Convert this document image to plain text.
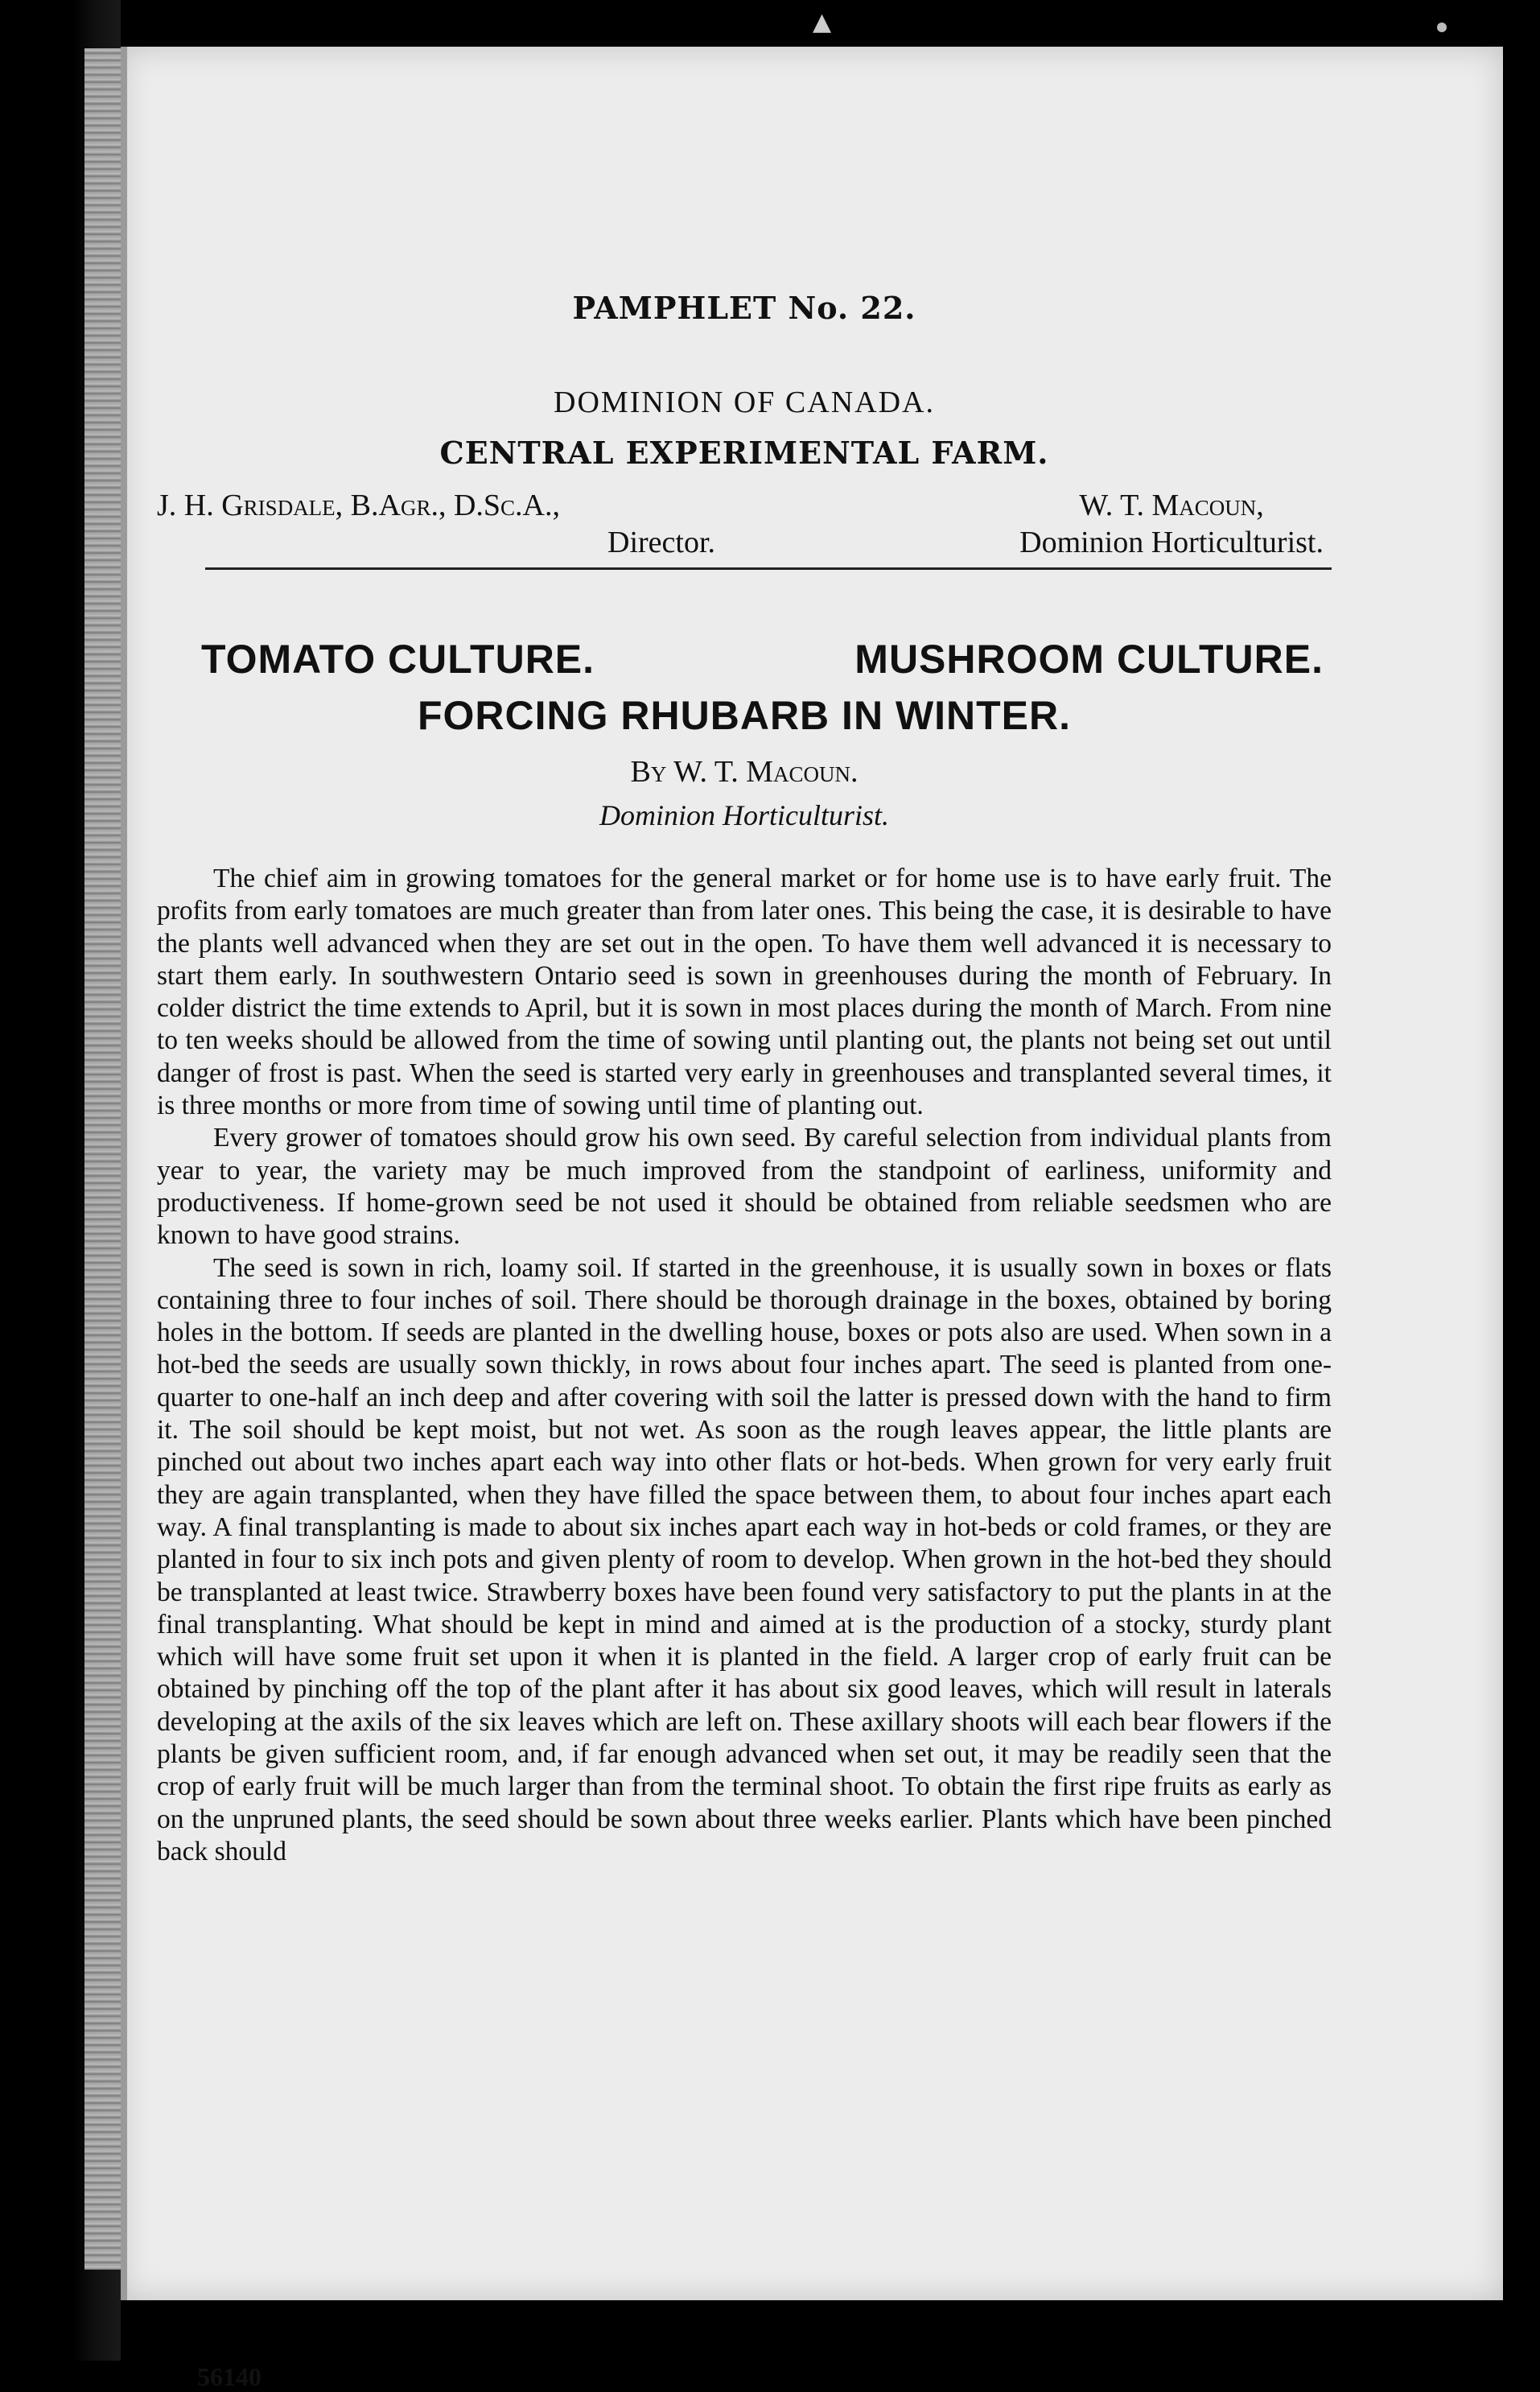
▲
PAMPHLET No. 22.
DOMINION OF CANADA.
CENTRAL EXPERIMENTAL FARM.
J. H. Grisdale, B.Agr., D.Sc.A.,
Director.
W. T. Macoun,
Dominion Horticulturist.
TOMATO CULTURE.	MUSHROOM CULTURE.
FORCING RHUBARB IN WINTER.
By W. T. Macoun.
Dominion Horticulturist.

The chief aim in growing tomatoes for the general market or for home use is to have early fruit. The profits from early tomatoes are much greater than from later ones. This being the case, it is desirable to have the plants well advanced when they are set out in the open. To have them well advanced it is necessary to start them early. In southwestern Ontario seed is sown in greenhouses during the month of February. In colder district the time extends to April, but it is sown in most places during the month of March. From nine to ten weeks should be allowed from the time of sowing until planting out, the plants not being set out until danger of frost is past. When the seed is started very early in greenhouses and transplanted several times, it is three months or more from time of sowing until time of planting out.

Every grower of tomatoes should grow his own seed. By careful selection from individual plants from year to year, the variety may be much improved from the standpoint of earliness, uniformity and productiveness. If home-grown seed be not used it should be obtained from reliable seedsmen who are known to have good strains.

The seed is sown in rich, loamy soil. If started in the greenhouse, it is usually sown in boxes or flats containing three to four inches of soil. There should be thorough drainage in the boxes, obtained by boring holes in the bottom. If seeds are planted in the dwelling house, boxes or pots also are used. When sown in a hot-bed the seeds are usually sown thickly, in rows about four inches apart. The seed is planted from one-quarter to one-half an inch deep and after covering with soil the latter is pressed down with the hand to firm it. The soil should be kept moist, but not wet. As soon as the rough leaves appear, the little plants are pinched out about two inches apart each way into other flats or hot-beds. When grown for very early fruit they are again transplanted, when they have filled the space between them, to about four inches apart each way. A final transplanting is made to about six inches apart each way in hot-beds or cold frames, or they are planted in four to six inch pots and given plenty of room to develop. When grown in the hot-bed they should be transplanted at least twice. Strawberry boxes have been found very satisfactory to put the plants in at the final transplanting. What should be kept in mind and aimed at is the production of a stocky, sturdy plant which will have some fruit set upon it when it is planted in the field. A larger crop of early fruit can be obtained by pinching off the top of the plant after it has about six good leaves, which will result in laterals developing at the axils of the six leaves which are left on. These axillary shoots will each bear flowers if the plants be given sufficient room, and, if far enough advanced when set out, it may be readily seen that the crop of early fruit will be much larger than from the terminal shoot. To obtain the first ripe fruits as early as on the unpruned plants, the seed should be sown about three weeks earlier. Plants which have been pinched back should

56140
